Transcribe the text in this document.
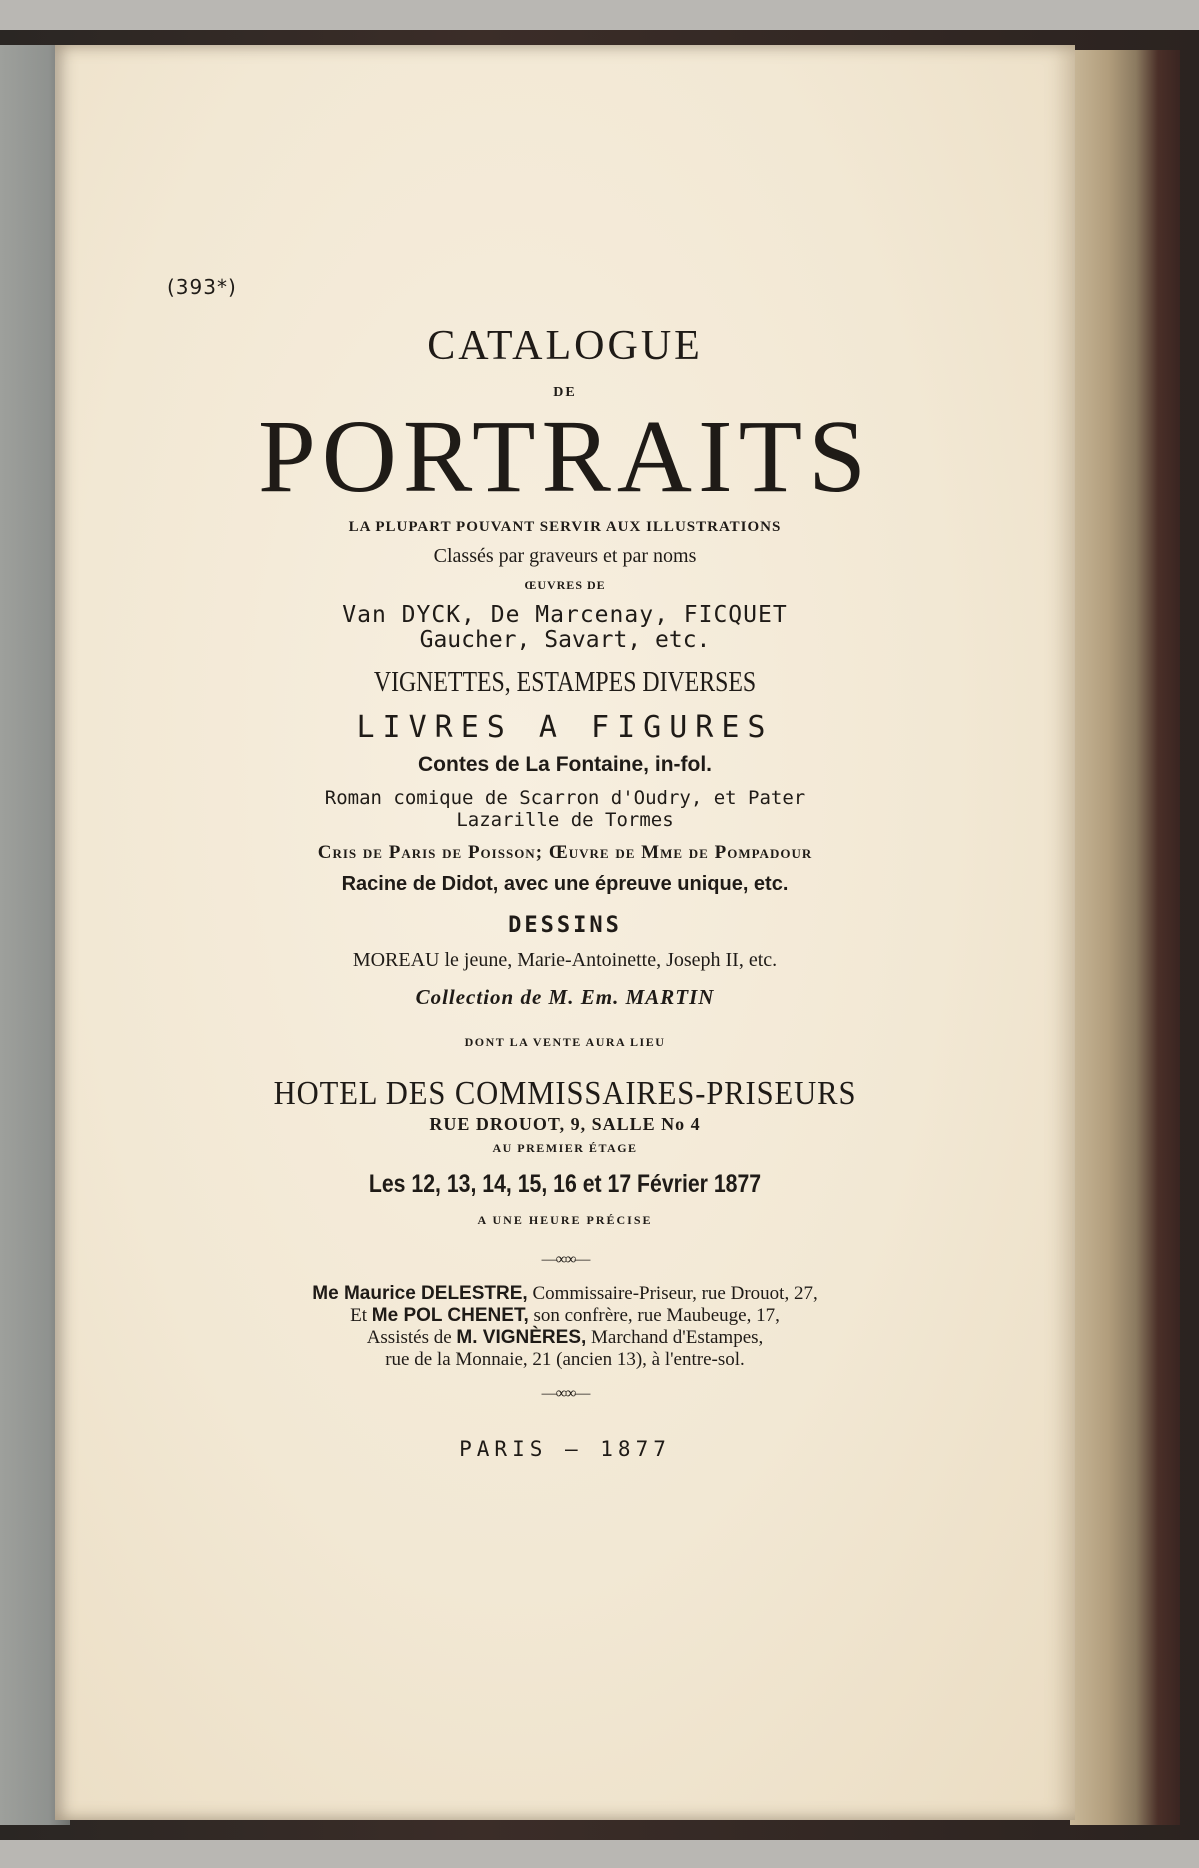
(393*)
CATALOGUE
DE
PORTRAITS
LA PLUPART POUVANT SERVIR AUX ILLUSTRATIONS
Classés par graveurs et par noms
ŒUVRES DE
Van DYCK, De Marcenay, FICQUET
Gaucher, Savart, etc.
VIGNETTES, ESTAMPES DIVERSES
LIVRES A FIGURES
Contes de La Fontaine, in-fol.
Roman comique de Scarron d'Oudry, et Pater
Lazarille de Tormes
Cris de Paris de Poisson; Œuvre de Mme de Pompadour
Racine de Didot, avec une épreuve unique, etc.
DESSINS
MOREAU le jeune, Marie-Antoinette, Joseph II, etc.
Collection de M. Em. MARTIN
DONT LA VENTE AURA LIEU
HOTEL DES COMMISSAIRES-PRISEURS
RUE DROUOT, 9, SALLE No 4
AU PREMIER ÉTAGE
Les 12, 13, 14, 15, 16 et 17 Février 1877
A UNE HEURE PRÉCISE
—∞∞—
Me Maurice DELESTRE, Commissaire-Priseur, rue Drouot, 27,
Et Me POL CHENET, son confrère, rue Maubeuge, 17,
Assistés de M. VIGNÈRES, Marchand d'Estampes,
rue de la Monnaie, 21 (ancien 13), à l'entre-sol.
—∞∞—
PARIS — 1877
